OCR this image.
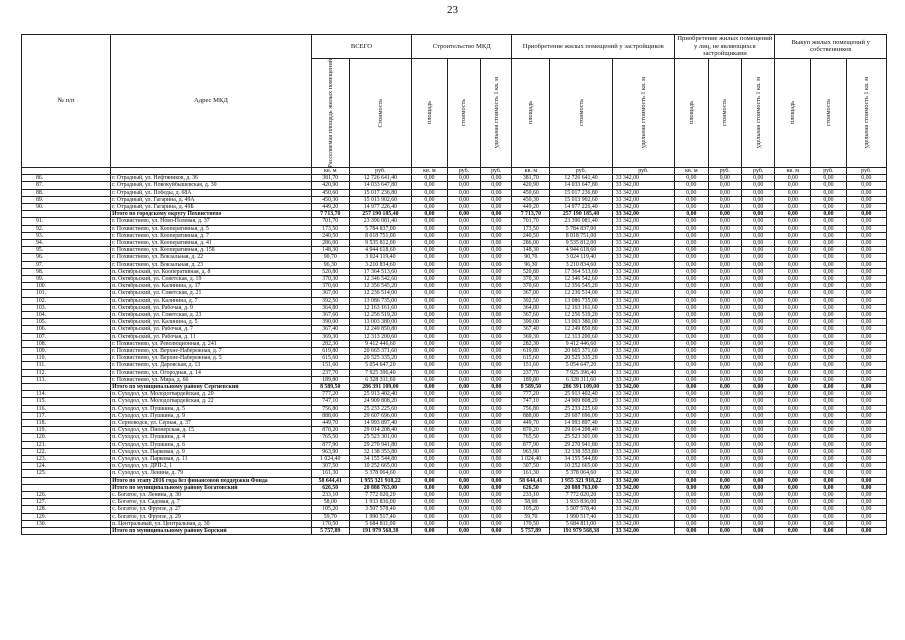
23
№ п/п	Адрес МКД	ВСЕГО		Строительство МКД			Приобретение жилых помещений у застройщиков			Приобретение жилых помещений у лиц, не являющихся застройщиками			Выкуп жилых помещений у собственников		

		Расселяемая площадь жилых помещений	Стоимость	площадь	стоимость	удельная стоимость 1 кв. м	площадь	стоимость	удельная стоимость 1 кв. м	площадь	стоимость	удельная стоимость 1 кв. м	площадь	стоимость	удельная стоимость 1 кв. м

		кв. м	руб.	кв. м	руб.	руб.	кв. м	руб.	руб.	кв. м	руб.	руб.	кв. м	руб.	руб.
86.	г. Отрадный, ул. Нефтяников, д. 36	381,70	12 726 641,40	0,00	0,00	0,00	381,70	12 726 641,40	33 342,00	0,00	0,00	0,00	0,00	0,00	0,00
87.	г. Отрадный, ул. Новокуйбышевская, д. 30	420,90	14 033 647,80	0,00	0,00	0,00	420,90	14 033 647,80	33 342,00	0,00	0,00	0,00	0,00	0,00	0,00
88.	г. Отрадный, ул. Победы, д. 68А	450,60	15 017 236,80	0,00	0,00	0,00	450,60	15 017 236,80	33 342,00	0,00	0,00	0,00	0,00	0,00	0,00
89.	г. Отрадный, ул. Гагарина, д. 49А	450,30	15 013 902,60	0,00	0,00	0,00	450,30	15 013 902,60	33 342,00	0,00	0,00	0,00	0,00	0,00	0,00
90.	г. Отрадный, ул. Гагарина, д. 49Б	449,20	14 977 226,40	0,00	0,00	0,00	449,20	14 977 226,40	33 342,00	0,00	0,00	0,00	0,00	0,00	0,00
	Итого по городскому округу Похвистнево	7 713,70	257 190 185,40	0,00	0,00	0,00	7 713,70	257 190 185,40	33 342,00	0,00	0,00	0,00	0,00	0,00	0,00
91.	г. Похвистнево, ул. Ново-Полевая, д. 37	701,70	23 396 081,40	0,00	0,00	0,00	701,70	23 396 081,40	33 342,00	0,00	0,00	0,00	0,00	0,00	0,00
92.	г. Похвистнево, ул. Кооперативная, д. 5	173,50	5 784 837,00	0,00	0,00	0,00	173,50	5 784 837,00	33 342,00	0,00	0,00	0,00	0,00	0,00	0,00
93.	г. Похвистнево, ул. Кооперативная, д. 7	240,50	8 018 751,00	0,00	0,00	0,00	240,50	8 018 751,00	33 342,00	0,00	0,00	0,00	0,00	0,00	0,00
94.	г. Похвистнево, ул. Кооперативная, д. 41	286,00	9 535 812,00	0,00	0,00	0,00	286,00	9 535 812,00	33 342,00	0,00	0,00	0,00	0,00	0,00	0,00
95.	г. Похвистнево, ул. Кооперативная, д. 158	148,30	4 944 618,60	0,00	0,00	0,00	148,30	4 944 618,60	33 342,00	0,00	0,00	0,00	0,00	0,00	0,00
96.	г. Похвистнево, ул. Вокзальная, д. 22	90,70	3 024 119,40	0,00	0,00	0,00	90,70	3 024 119,40	33 342,00	0,00	0,00	0,00	0,00	0,00	0,00
97.	г. Похвистнево, ул. Вокзальная, д. 23	96,30	3 210 834,60	0,00	0,00	0,00	96,30	3 210 834,60	33 342,00	0,00	0,00	0,00	0,00	0,00	0,00
98.	п. Октябрьский, ул. Кооперативная, д. 8	520,80	17 364 513,60	0,00	0,00	0,00	520,80	17 364 513,60	33 342,00	0,00	0,00	0,00	0,00	0,00	0,00
99.	п. Октябрьский, ул. Советская, д. 19	370,30	12 346 542,60	0,00	0,00	0,00	370,30	12 346 542,60	33 342,00	0,00	0,00	0,00	0,00	0,00	0,00
100.	п. Октябрьский, ул. Калинина, д. 17	370,60	12 356 545,20	0,00	0,00	0,00	370,60	12 356 545,20	33 342,00	0,00	0,00	0,00	0,00	0,00	0,00
101.	п. Октябрьский, ул. Советская, д. 21	367,00	12 236 514,00	0,00	0,00	0,00	367,00	12 236 514,00	33 342,00	0,00	0,00	0,00	0,00	0,00	0,00
102.	п. Октябрьский, ул. Калинина, д. 7	392,50	13 086 735,00	0,00	0,00	0,00	392,50	13 086 735,00	33 342,00	0,00	0,00	0,00	0,00	0,00	0,00
103.	п. Октябрьский, ул. Рабочая, д. 9	364,80	12 163 161,60	0,00	0,00	0,00	364,80	12 163 161,60	33 342,00	0,00	0,00	0,00	0,00	0,00	0,00
104.	п. Октябрьский, ул. Советская, д. 23	367,60	12 256 519,20	0,00	0,00	0,00	367,60	12 256 519,20	33 342,00	0,00	0,00	0,00	0,00	0,00	0,00
105.	п. Октябрьский, ул. Калинина, д. 5	390,00	13 003 380,00	0,00	0,00	0,00	390,00	13 003 380,00	33 342,00	0,00	0,00	0,00	0,00	0,00	0,00
106.	п. Октябрьский, ул. Рабочая, д. 7	367,40	12 249 850,80	0,00	0,00	0,00	367,40	12 249 850,80	33 342,00	0,00	0,00	0,00	0,00	0,00	0,00
107.	п. Октябрьский, ул. Рабочая, д. 11	369,30	12 313 200,60	0,00	0,00	0,00	369,30	12 313 200,60	33 342,00	0,00	0,00	0,00	0,00	0,00	0,00
108.	г. Похвистнево, ул. Революционная, д. 241	282,30	9 412 446,60	0,00	0,00	0,00	282,30	9 412 446,60	33 342,00	0,00	0,00	0,00	0,00	0,00	0,00
109.	г. Похвистнево, ул. Верхне-Набережная, д. 7	619,80	20 665 371,60	0,00	0,00	0,00	619,80	20 665 371,60	33 342,00	0,00	0,00	0,00	0,00	0,00	0,00
110.	г. Похвистнево, ул. Верхне-Набережная, д. 5	615,60	20 525 335,20	0,00	0,00	0,00	615,60	20 525 335,20	33 342,00	0,00	0,00	0,00	0,00	0,00	0,00
111.	г. Похвистнево, ул. Даровская, д. 13	151,60	5 054 647,20	0,00	0,00	0,00	151,60	5 054 647,20	33 342,00	0,00	0,00	0,00	0,00	0,00	0,00
112.	г. Похвистнево, ул. Огородная, д. 14	237,70	7 925 396,40	0,00	0,00	0,00	237,70	7 925 396,40	33 342,00	0,00	0,00	0,00	0,00	0,00	0,00
113.	г. Похвистнево, ул. Мира, д. 66	189,80	6 328 311,60	0,00	0,00	0,00	189,80	6 328 311,60	33 342,00	0,00	0,00	0,00	0,00	0,00	0,00
	Итого по муниципальному району Сергиевский	8 589,50	286 391 109,00	0,00	0,00	0,00	8 589,50	286 391 109,00	33 342,00	0,00	0,00	0,00	0,00	0,00	0,00
114.	п. Суходол, ул. Молодогвардейская, д. 20	777,20	25 913 402,40	0,00	0,00	0,00	777,20	25 913 402,40	33 342,00	0,00	0,00	0,00	0,00	0,00	0,00
115.	п. Суходол, ул. Молодогвардейская, д. 22	747,10	24 909 808,20	0,00	0,00	0,00	747,10	24 909 808,20	33 342,00	0,00	0,00	0,00	0,00	0,00	0,00
116.	п. Суходол, ул. Пушкина, д. 5	756,80	25 233 225,60	0,00	0,00	0,00	756,80	25 233 225,60	33 342,00	0,00	0,00	0,00	0,00	0,00	0,00
117.	п. Суходол, ул. Пушкина, д. 9	888,00	29 607 696,00	0,00	0,00	0,00	888,00	29 607 696,00	33 342,00	0,00	0,00	0,00	0,00	0,00	0,00
118.	п. Серноводск, ул. Серная, д. 37	449,70	14 993 897,40	0,00	0,00	0,00	449,70	14 993 897,40	33 342,00	0,00	0,00	0,00	0,00	0,00	0,00
119.	п. Суходол, ул. Пионерская, д. 15	870,20	29 014 208,40	0,00	0,00	0,00	870,20	29 014 208,40	33 342,00	0,00	0,00	0,00	0,00	0,00	0,00
120.	п. Суходол, ул. Пушкина, д. 4	765,50	25 523 301,00	0,00	0,00	0,00	765,50	25 523 301,00	33 342,00	0,00	0,00	0,00	0,00	0,00	0,00
121.	п. Суходол, ул. Пушкина, д. 6	877,90	29 270 941,80	0,00	0,00	0,00	877,90	29 270 941,80	33 342,00	0,00	0,00	0,00	0,00	0,00	0,00
122.	п. Суходол, ул. Парковая, д. 9	963,90	32 138 353,80	0,00	0,00	0,00	963,90	32 138 353,80	33 342,00	0,00	0,00	0,00	0,00	0,00	0,00
123.	п. Суходол, ул. Парковая, д. 11	1 024,40	34 155 544,80	0,00	0,00	0,00	1 024,40	34 155 544,80	33 342,00	0,00	0,00	0,00	0,00	0,00	0,00
124.	п. Суходол, ул. ДРП-2, 1	307,50	10 252 665,00	0,00	0,00	0,00	307,50	10 252 665,00	33 342,00	0,00	0,00	0,00	0,00	0,00	0,00
125.	п. Суходол, ул. Ленина, д. 79	161,30	5 378 064,60	0,00	0,00	0,00	161,30	5 378 064,60	33 342,00	0,00	0,00	0,00	0,00	0,00	0,00
	Итого по этапу 2016 года без финансовой поддержки Фонда	58 644,41	1 955 321 918,22	0,00	0,00	0,00	58 644,41	1 955 321 918,22	33 342,00	0,00	0,00	0,00	0,00	0,00	0,00
	Итого по муниципальному району Богатовский	626,50	20 888 763,00	0,00	0,00	0,00	626,50	20 888 763,00	33 342,00	0,00	0,00	0,00	0,00	0,00	0,00
126.	с. Богатое, ул. Ленина, д. 30	233,10	7 772 020,20	0,00	0,00	0,00	233,10	7 772 020,20	33 342,00	0,00	0,00	0,00	0,00	0,00	0,00
127.	с. Богатое, ул. Садовая, д. 7	58,00	1 933 836,00	0,00	0,00	0,00	58,00	1 933 836,00	33 342,00	0,00	0,00	0,00	0,00	0,00	0,00
128.	с. Богатое, ул. Фрунзе, д. 27	105,20	3 507 578,40	0,00	0,00	0,00	105,20	3 507 578,40	33 342,00	0,00	0,00	0,00	0,00	0,00	0,00
129.	с. Богатое, ул. Фрунзе, д. 29	59,70	1 990 517,40	0,00	0,00	0,00	59,70	1 990 517,40	33 342,00	0,00	0,00	0,00	0,00	0,00	0,00
130.	п. Центральный, ул. Центральная, д. 30	170,50	5 684 811,00	0,00	0,00	0,00	170,50	5 684 811,00	33 342,00	0,00	0,00	0,00	0,00	0,00	0,00
	Итого по муниципальному району Борский	5 757,89	191 979 568,38	0,00	0,00	0,00	5 757,89	191 979 568,38	33 342,00	0,00	0,00	0,00	0,00	0,00	0,00
